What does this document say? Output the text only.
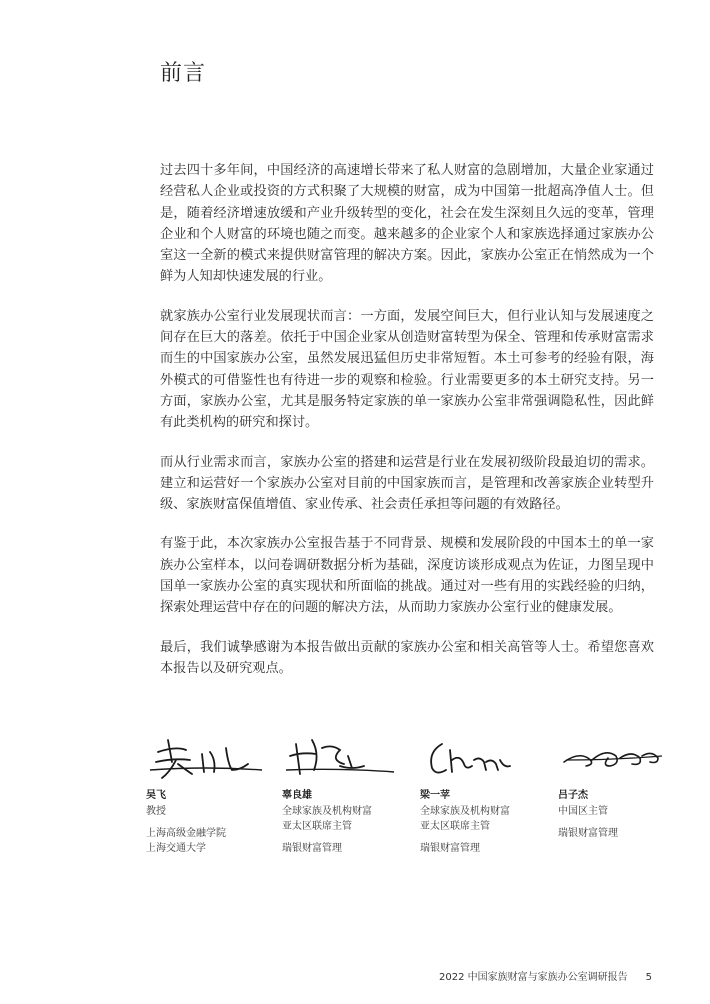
前言

过去四十多年间，中国经济的高速增长带来了私人财富的急剧增加，大量企业家通过经营私人企业或投资的方式积聚了大规模的财富，成为中国第一批超高净值人士。但是，随着经济增速放缓和产业升级转型的变化，社会在发生深刻且久远的变革，管理企业和个人财富的环境也随之而变。越来越多的企业家个人和家族选择通过家族办公室这一全新的模式来提供财富管理的解决方案。因此，家族办公室正在悄然成为一个鲜为人知却快速发展的行业。

就家族办公室行业发展现状而言：一方面，发展空间巨大，但行业认知与发展速度之间存在巨大的落差。依托于中国企业家从创造财富转型为保全、管理和传承财富需求而生的中国家族办公室，虽然发展迅猛但历史非常短暂。本土可参考的经验有限，海外模式的可借鉴性也有待进一步的观察和检验。行业需要更多的本土研究支持。另一方面，家族办公室，尤其是服务特定家族的单一家族办公室非常强调隐私性，因此鲜有此类机构的研究和探讨。

而从行业需求而言，家族办公室的搭建和运营是行业在发展初级阶段最迫切的需求。建立和运营好一个家族办公室对目前的中国家族而言，是管理和改善家族企业转型升级、家族财富保值增值、家业传承、社会责任承担等问题的有效路径。

有鉴于此，本次家族办公室报告基于不同背景、规模和发展阶段的中国本土的单一家族办公室样本，以问卷调研数据分析为基础，深度访谈形成观点为佐证，力图呈现中国单一家族办公室的真实现状和所面临的挑战。通过对一些有用的实践经验的归纳，探索处理运营中存在的问题的解决方法，从而助力家族办公室行业的健康发展。

最后，我们诚挚感谢为本报告做出贡献的家族办公室和相关高管等人士。希望您喜欢本报告以及研究观点。

吴飞
教授
上海高级金融学院
上海交通大学
辜良雄
全球家族及机构财富
亚太区联席主管
瑞银财富管理
梁一苹
全球家族及机构财富
亚太区联席主管
瑞银财富管理
吕子杰
中国区主管
瑞银财富管理
2022 中国家族财富与家族办公室调研报告 5
